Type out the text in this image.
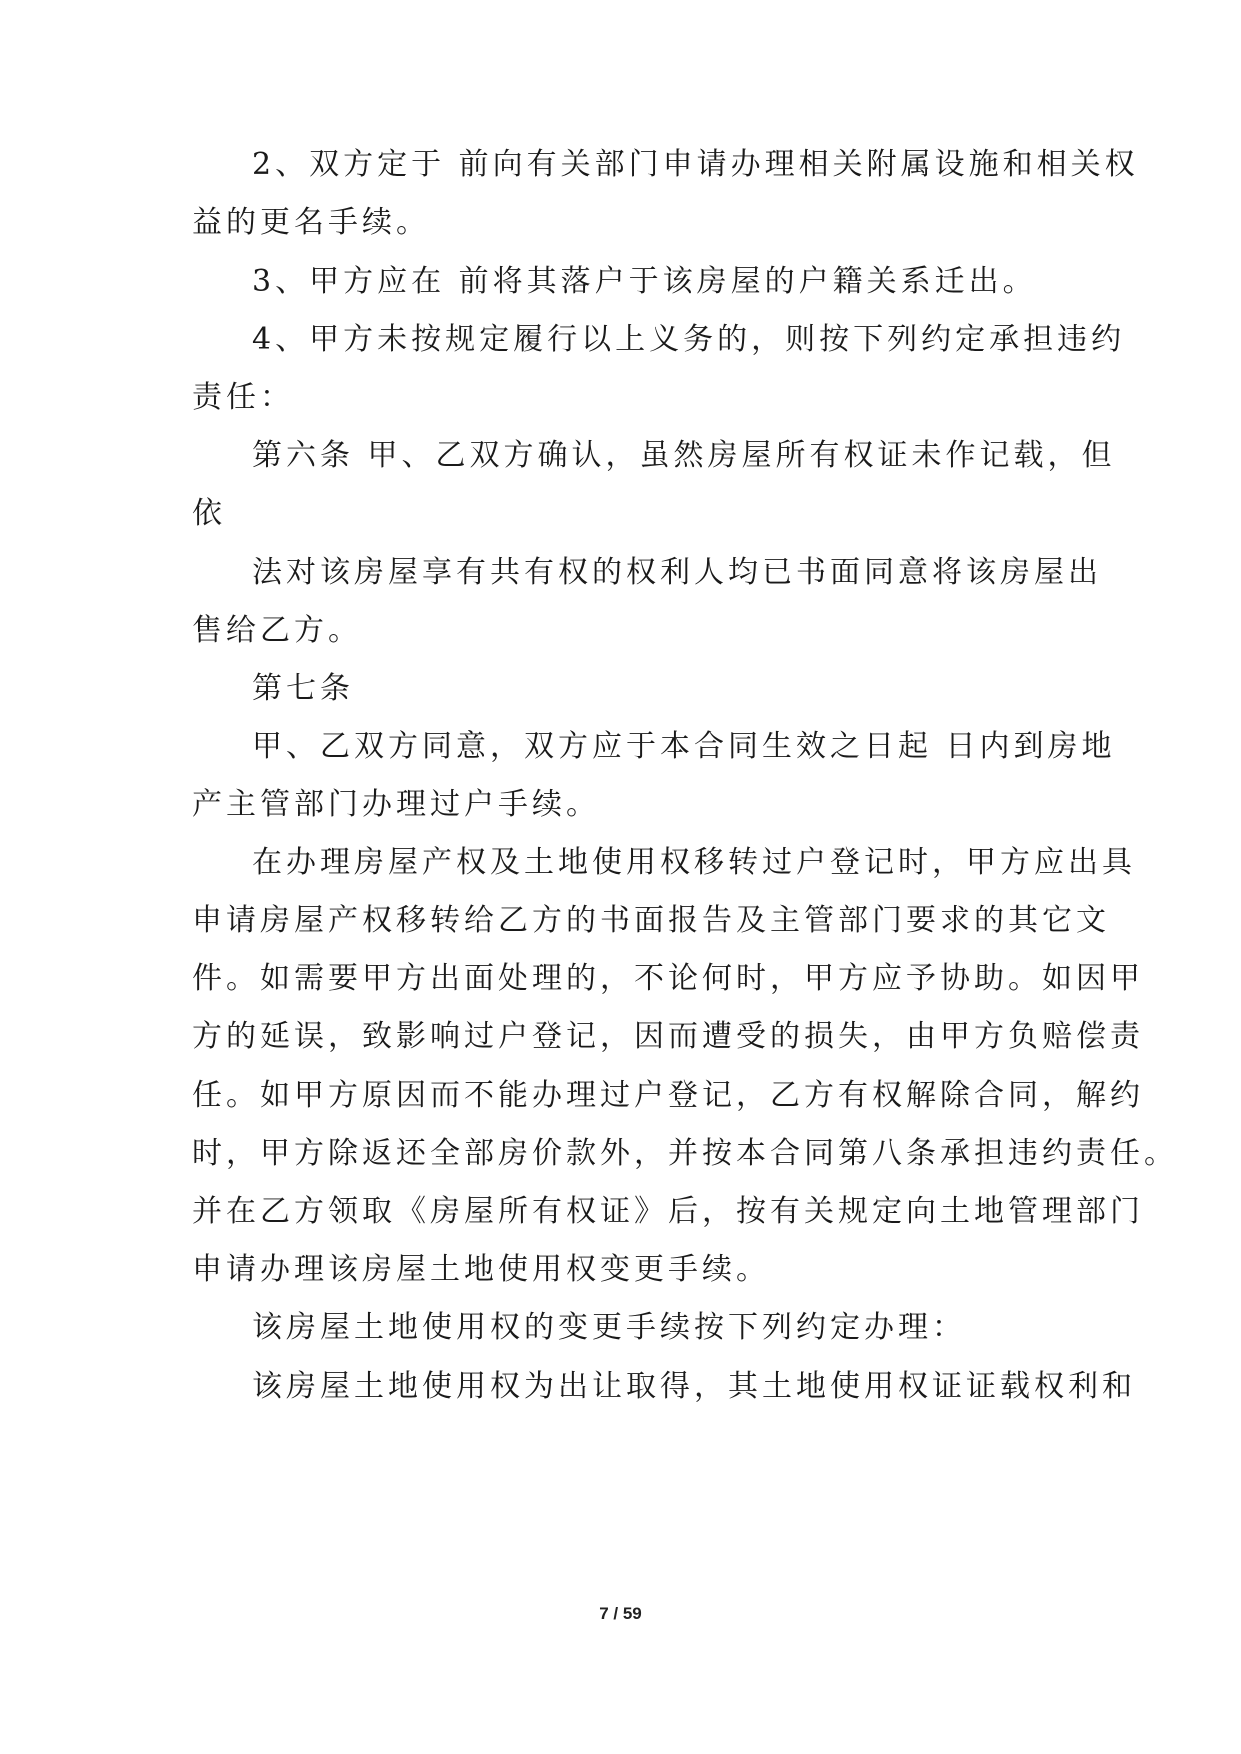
2、双方定于 前向有关部门申请办理相关附属设施和相关权
益的更名手续。
3、甲方应在 前将其落户于该房屋的户籍关系迁出。
4、甲方未按规定履行以上义务的，则按下列约定承担违约
责任：
第六条 甲、乙双方确认，虽然房屋所有权证未作记载，但
依
法对该房屋享有共有权的权利人均已书面同意将该房屋出
售给乙方。
第七条
甲、乙双方同意，双方应于本合同生效之日起 日内到房地
产主管部门办理过户手续。
在办理房屋产权及土地使用权移转过户登记时，甲方应出具
申请房屋产权移转给乙方的书面报告及主管部门要求的其它文
件。如需要甲方出面处理的，不论何时，甲方应予协助。如因甲
方的延误，致影响过户登记，因而遭受的损失，由甲方负赔偿责
任。如甲方原因而不能办理过户登记，乙方有权解除合同，解约
时，甲方除返还全部房价款外，并按本合同第八条承担违约责任。
并在乙方领取《房屋所有权证》后，按有关规定向土地管理部门
申请办理该房屋土地使用权变更手续。
该房屋土地使用权的变更手续按下列约定办理：
该房屋土地使用权为出让取得，其土地使用权证证载权利和
7 / 59
